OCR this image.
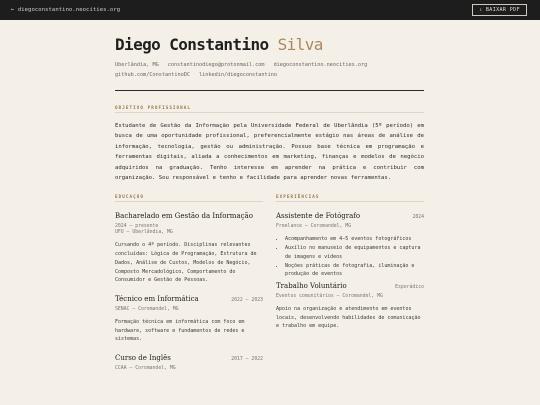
← diegoconstantino.neocities.org	⇩ BAIXAR PDF
Diego Constantino Silva
Uberlândia, MG constantinodiego@protonmail.com diegoconstantino.neocities.org
github.com/ConstantinoDC linkedin/diegoconstantino
OBJETIVO PROFISSIONAL

Estudante de Gestão da Informação pela Universidade Federal de Uberlândia (5º período) em busca de uma oportunidade profissional, preferencialmente estágio nas áreas de análise de informação, tecnologia, gestão ou administração. Possuo base técnica em programação e ferramentas digitais, aliada a conhecimentos em marketing, finanças e modelos de negócio adquiridos na graduação. Tenho interesse em aprender na prática e contribuir com organização. Sou responsável e tenho e facilidade para aprender novas ferramentas.

EDUCAÇÃO
Bacharelado em Gestão da Informação
2024 – presente
UFU — Uberlândia, MG
Cursando o 4º período. Disciplinas relevantes concluídas: Lógica de Programação, Estrutura de Dados, Análise de Custos, Modelos de Negócio, Composto Mercadológico, Comportamento do Consumidor e Gestão de Pessoas.
Técnico em Informática	2022 — 2023
SENAC — Coromandel, MG
Formação técnica em informática com foco em hardware, software e fundamentos de redes e sistemas.
Curso de Inglês	2017 — 2022
CCAA — Coromandel, MG
EXPERIÊNCIAS
Assistente de Fotógrafo	2024
Freelance — Coromandel, MG
• Acompanhamento em 4–5 eventos fotográficos
• Auxílio no manuseio de equipamentos e captura de imagens e vídeos
• Noções práticas de fotografia, iluminação e produção de eventos
Trabalho Voluntário	Esporádico
Eventos comunitários — Coromandel, MG
Apoio na organização e atendimento em eventos locais, desenvolvendo habilidades de comunicação e trabalho em equipe.
